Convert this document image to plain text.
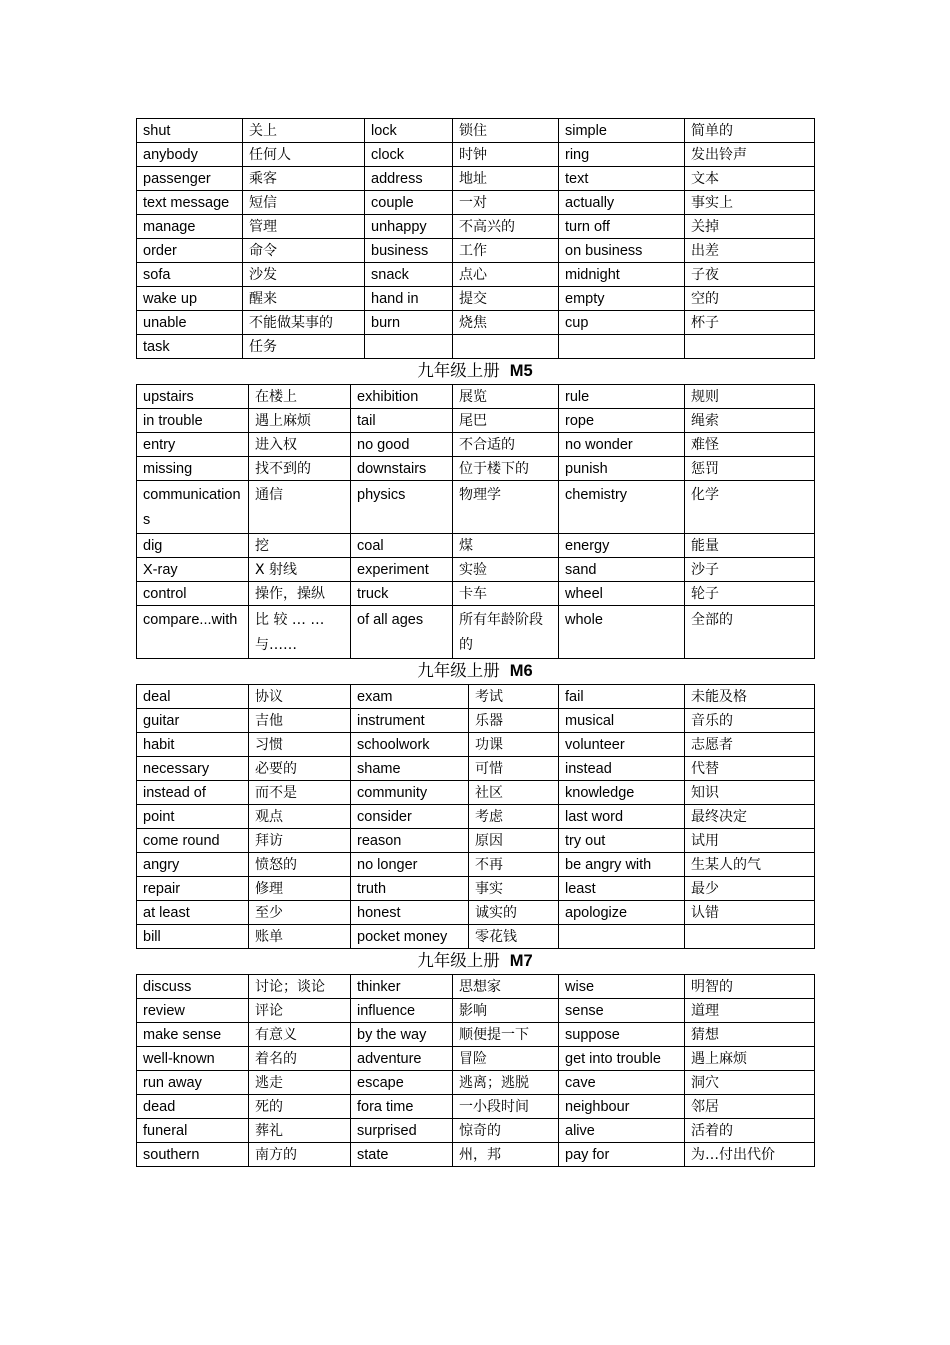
shut	关上	lock	锁住	simple	简单的
anybody	任何人	clock	时钟	ring	发出铃声
passenger	乘客	address	地址	text	文本
text message	短信	couple	一对	actually	事实上
manage	管理	unhappy	不高兴的	turn off	关掉
order	命令	business	工作	on business	出差
sofa	沙发	snack	点心	midnight	子夜
wake up	醒来	hand in	提交	empty	空的
unable	不能做某事的	burn	烧焦	cup	杯子
task	任务				
九年级上册 M5
upstairs	在楼上	exhibition	展览	rule	规则
in trouble	遇上麻烦	tail	尾巴	rope	绳索
entry	进入权	no good	不合适的	no wonder	难怪
missing	找不到的	downstairs	位于楼下的	punish	惩罚
communications	通信	physics	物理学	chemistry	化学
dig	挖	coal	煤	energy	能量
X-ray	X 射线	experiment	实验	sand	沙子
control	操作，操纵	truck	卡车	wheel	轮子
compare...with	比 较 … …与……	of all ages	所有年龄阶段的	whole	全部的
九年级上册 M6
deal	协议	exam	考试	fail	未能及格
guitar	吉他	instrument	乐器	musical	音乐的
habit	习惯	schoolwork	功课	volunteer	志愿者
necessary	必要的	shame	可惜	instead	代替
instead of	而不是	community	社区	knowledge	知识
point	观点	consider	考虑	last word	最终决定
come round	拜访	reason	原因	try out	试用
angry	愤怒的	no longer	不再	be angry with	生某人的气
repair	修理	truth	事实	least	最少
at least	至少	honest	诚实的	apologize	认错
bill	账单	pocket money	零花钱		
九年级上册 M7
discuss	讨论；谈论	thinker	思想家	wise	明智的
review	评论	influence	影响	sense	道理
make sense	有意义	by the way	顺便提一下	suppose	猜想
well-known	着名的	adventure	冒险	get into trouble	遇上麻烦
run away	逃走	escape	逃离；逃脱	cave	洞穴
dead	死的	fora time	一小段时间	neighbour	邻居
funeral	葬礼	surprised	惊奇的	alive	活着的
southern	南方的	state	州，邦	pay for	为…付出代价
